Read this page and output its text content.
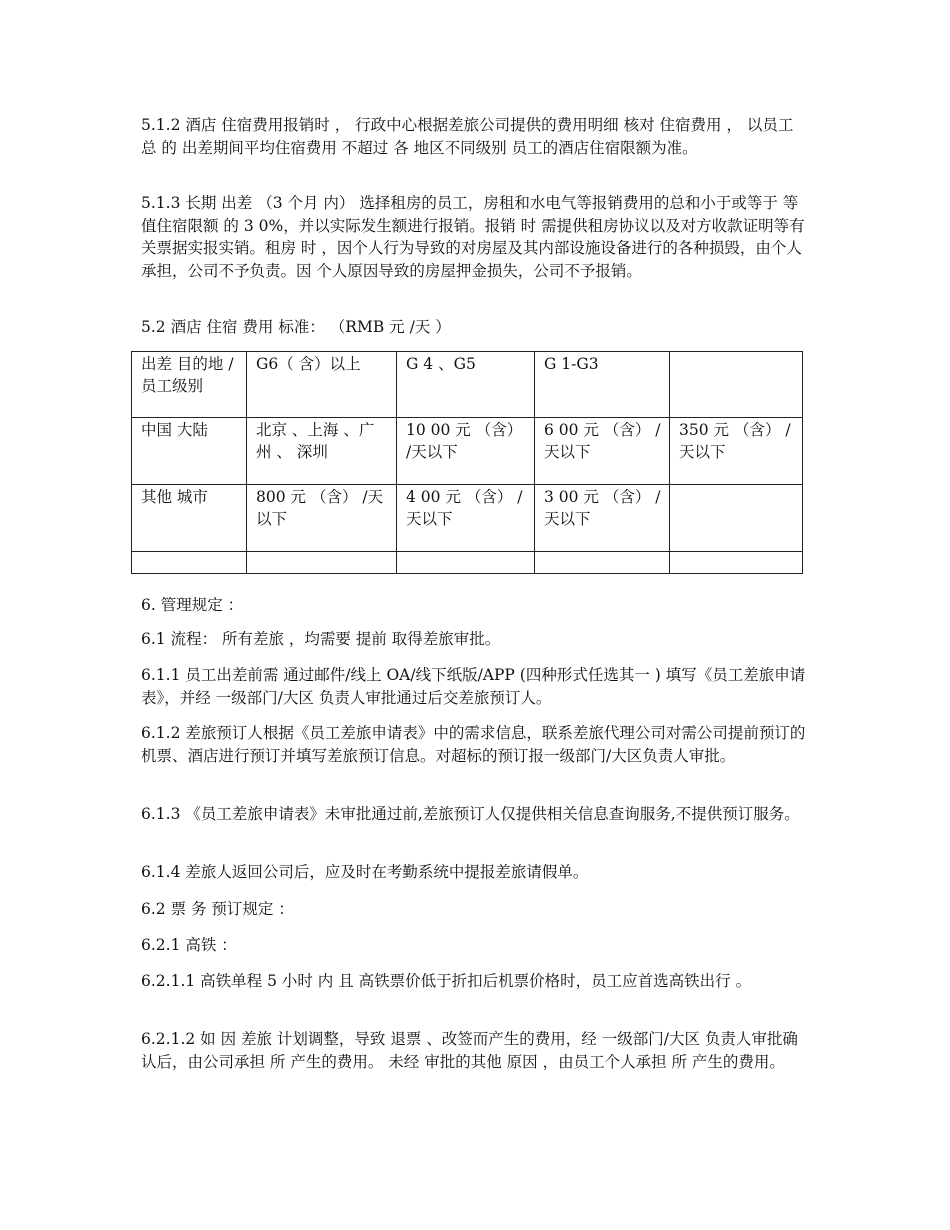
5.1.2 酒店 住宿费用报销时 ， 行政中心根据差旅公司提供的费用明细 核对 住宿费用 ， 以员工 总 的 出差期间平均住宿费用 不超过 各 地区不同级别 员工的酒店住宿限额为准。

5.1.3 长期 出差 （3 个月 内） 选择租房的员工，房租和水电气等报销费用的总和小于或等于 等值住宿限额 的 3 0%，并以实际发生额进行报销。报销 时 需提供租房协议以及对方收款证明等有关票据实报实销。租房 时 ，因个人行为导致的对房屋及其内部设施设备进行的各种损毁，由个人承担，公司不予负责。因 个人原因导致的房屋押金损失，公司不予报销。

5.2 酒店 住宿 费用 标准： （RMB 元 /天 ）

出差 目的地 /员工级别	G6（ 含）以上	G 4 、G5	G 1-G3	
中国 大陆	北京 、上海 、广州 、 深圳	10 00 元 （含） /天以下	6 00 元 （含） /天以下	350 元 （含） /天以下
其他 城市	800 元 （含） /天 以下	4 00 元 （含） /天以下	3 00 元 （含） /天以下	

6. 管理规定 ：

6.1 流程： 所有差旅 ，均需要 提前 取得差旅审批。

6.1.1 员工出差前需 通过邮件/线上 OA/线下纸版/APP (四种形式任选其一 ) 填写《员工差旅申请表》，并经 一级部门/大区 负责人审批通过后交差旅预订人。

6.1.2 差旅预订人根据《员工差旅申请表》中的需求信息，联系差旅代理公司对需公司提前预订的机票、酒店进行预订并填写差旅预订信息。对超标的预订报一级部门/大区负责人审批。

6.1.3 《员工差旅申请表》未审批通过前,差旅预订人仅提供相关信息查询服务,不提供预订服务。

6.1.4 差旅人返回公司后，应及时在考勤系统中提报差旅请假单。

6.2 票 务 预订规定 ：

6.2.1 高铁 ：

6.2.1.1 高铁单程 5 小时 内 且 高铁票价低于折扣后机票价格时，员工应首选高铁出行 。

6.2.1.2 如 因 差旅 计划调整，导致 退票 、改签而产生的费用，经 一级部门/大区 负责人审批确认后，由公司承担 所 产生的费用。 未经 审批的其他 原因 ，由员工个人承担 所 产生的费用。
